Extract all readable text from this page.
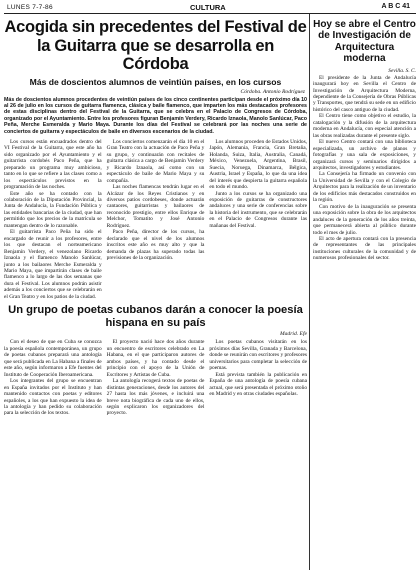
LUNES 7-7-86	CULTURA	A B C 41
Acogida sin precedentes del Festival de la Guitarra que se desarrolla en Córdoba
Más de doscientos alumnos de veintiún países, en los cursos
Córdoba. Antonio Rodríguez
Más de doscientos alumnos procedentes de veintiún países de los cinco continentes participan desde el próximo día 10 al 26 de julio en los cursos de guitarra flamenca, clásica y baile flamenco, que imparten los más destacados profesores de estas disciplinas dentro del Festival de la Guitarra, que se celebra en el Palacio de Congresos de Córdoba, organizado por el Ayuntamiento. Entre los profesores figuran Benjamín Verdery, Ricardo Iznaola, Manolo Sanlúcar, Paco Peña, Merche Esmeralda y Mario Maya. Durante los días del Festival se celebrará por las noches una serie de conciertos de guitarra y espectáculos de baile en diversos escenarios de la ciudad.

Los cursos están encuadrados dentro del VI Festival de la Guitarra, que este año ha sido organizado por el Ayuntamiento y el guitarrista cordobés Paco Peña, que ha preparado un programa muy ambicioso, tanto en lo que se refiere a las clases como a los espectáculos previstos en la programación de las noches.

Este año se ha contado con la colaboración de la Diputación Provincial, la Junta de Andalucía, la Fundación Pública y las entidades bancarias de la ciudad, que han permitido que los precios de la matrícula se mantengan dentro de lo razonable.

El guitarrista Paco Peña ha sido el encargado de reunir a los profesores, entre los que destacan el norteamericano Benjamín Verdery, el venezolano Ricardo Iznaola y el flamenco Manolo Sanlúcar, junto a los bailaores Merche Esmeralda y Mario Maya, que impartirán clases de baile flamenco a lo largo de las dos semanas que dura el Festival. Los alumnos podrán asistir además a los conciertos que se celebrarán en el Gran Teatro y en los patios de la ciudad.

Los conciertos comenzarán el día 10 en el Gran Teatro con la actuación de Paco Peña y su grupo, y continuarán con recitales de guitarra clásica a cargo de Benjamín Verdery y Ricardo Iznaola, así como con un espectáculo de baile de Mario Maya y su compañía.

Las noches flamencas tendrán lugar en el Alcázar de los Reyes Cristianos y en diversos patios cordobeses, donde actuarán cantaores, guitarristas y bailaores de reconocido prestigio, entre ellos Enrique de Melchor, Tomatito y José Antonio Rodríguez.

Paco Peña, director de los cursos, ha declarado que el nivel de los alumnos inscritos este año es muy alto y que la demanda de plazas ha superado todas las previsiones de la organización.

Los alumnos proceden de Estados Unidos, Japón, Alemania, Francia, Gran Bretaña, Holanda, Suiza, Italia, Australia, Canadá, México, Venezuela, Argentina, Brasil, Suecia, Noruega, Dinamarca, Bélgica, Austria, Israel y España, lo que da una idea del interés que despierta la guitarra española en todo el mundo.

Junto a los cursos se ha organizado una exposición de guitarras de constructores andaluces y una serie de conferencias sobre la historia del instrumento, que se celebrarán en el Palacio de Congresos durante las mañanas del Festival.

Un grupo de poetas cubanos darán a conocer la poesía hispana en su país
Madrid. Efe

Con el deseo de que en Cuba se conozca la poesía española contemporánea, un grupo de poetas cubanos preparará una antología que será publicada en La Habana a finales de este año, según informaron a Efe fuentes del Instituto de Cooperación Iberoamericana.

Los integrantes del grupo se encuentran en España invitados por el Instituto y han mantenido contactos con poetas y editores españoles, a los que han expuesto la idea de la antología y han pedido su colaboración para la selección de los textos.

El proyecto nació hace dos años durante un encuentro de escritores celebrado en La Habana, en el que participaron autores de ambos países, y ha contado desde el principio con el apoyo de la Unión de Escritores y Artistas de Cuba.

La antología recogerá textos de poetas de distintas generaciones, desde los autores del 27 hasta los más jóvenes, e incluirá una breve nota biográfica de cada uno de ellos, según explicaron los organizadores del proyecto.

Los poetas cubanos visitarán en los próximos días Sevilla, Granada y Barcelona, donde se reunirán con escritores y profesores universitarios para completar la selección de poemas.

Está prevista también la publicación en España de una antología de poesía cubana actual, que será presentada el próximo otoño en Madrid y en otras ciudades españolas.

Hoy se abre el Centro de Investigación de Arquitectura moderna
Sevilla. S. C.

El presidente de la Junta de Andalucía inaugurará hoy en Sevilla el Centro de Investigación de Arquitectura Moderna, dependiente de la Consejería de Obras Públicas y Transportes, que tendrá su sede en un edificio histórico del casco antiguo de la ciudad.

El Centro tiene como objetivo el estudio, la catalogación y la difusión de la arquitectura moderna en Andalucía, con especial atención a las obras realizadas durante el presente siglo.

El nuevo Centro contará con una biblioteca especializada, un archivo de planos y fotografías y una sala de exposiciones, y organizará cursos y seminarios dirigidos a arquitectos, investigadores y estudiantes.

La Consejería ha firmado un convenio con la Universidad de Sevilla y con el Colegio de Arquitectos para la realización de un inventario de los edificios más destacados construidos en la región.

Con motivo de la inauguración se presenta una exposición sobre la obra de los arquitectos andaluces de la generación de los años treinta, que permanecerá abierta al público durante todo el mes de julio.

El acto de apertura contará con la presencia de representantes de las principales instituciones culturales de la comunidad y de numerosos profesionales del sector.
